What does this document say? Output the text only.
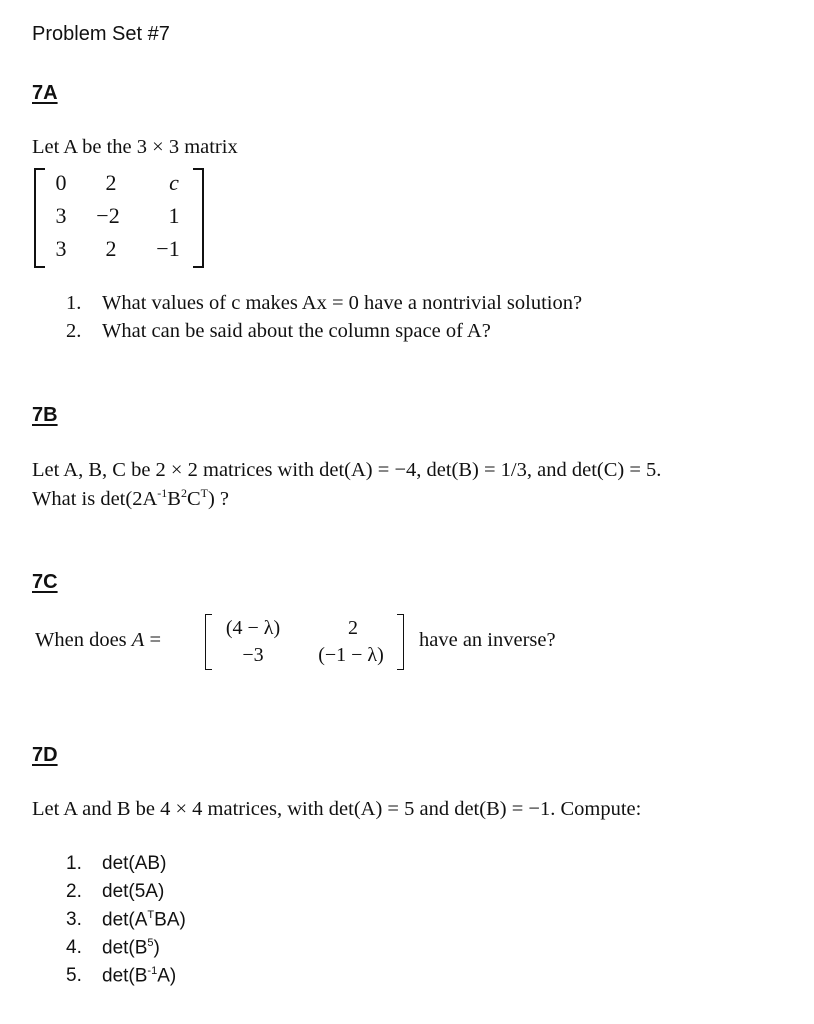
Problem Set #7
7A
Let A be the 3 × 3 matrix
0	2	c
3	−2	1
3	2	−1
1. What values of c makes Ax = 0 have a nontrivial solution?
2. What can be said about the column space of A?
7B
Let A, B, C be 2 × 2 matrices with det(A) = −4, det(B) = 1/3, and det(C) = 5.
What is $\det(2A^{-1}B^2C^T)$ ?
7C
When does A =
(4 − λ)	2
−3	(−1 − λ)
have an inverse?
7D
Let A and B be 4 × 4 matrices, with det(A) = 5 and det(B) = −1. Compute:
1. det(AB)
2. det(5A)
3. $\det(A^TBA)$
4. $\det(B^5)$
5. $\det(B^{-1}A)$
